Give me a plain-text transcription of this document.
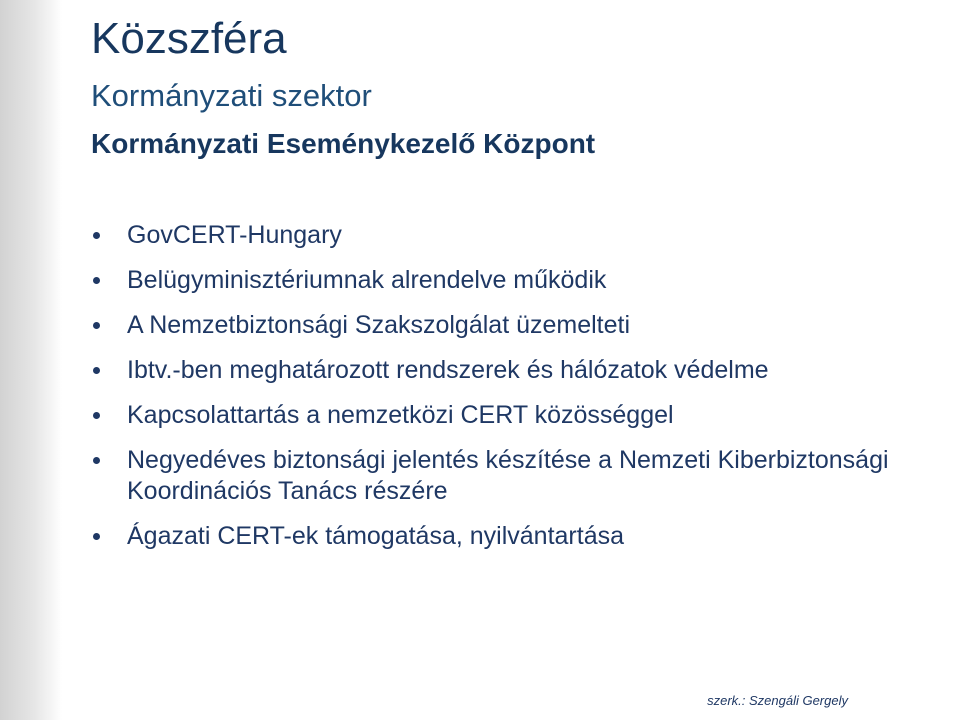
Közszféra
Kormányzati szektor
Kormányzati Eseménykezelő Központ
GovCERT-Hungary
Belügyminisztériumnak alrendelve működik
A Nemzetbiztonsági Szakszolgálat üzemelteti
Ibtv.-ben meghatározott rendszerek és hálózatok védelme
Kapcsolattartás a nemzetközi CERT közösséggel
Negyedéves biztonsági jelentés készítése a Nemzeti Kiberbiztonsági Koordinációs Tanács részére
Ágazati CERT-ek támogatása, nyilvántartása
szerk.: Szengáli Gergely
